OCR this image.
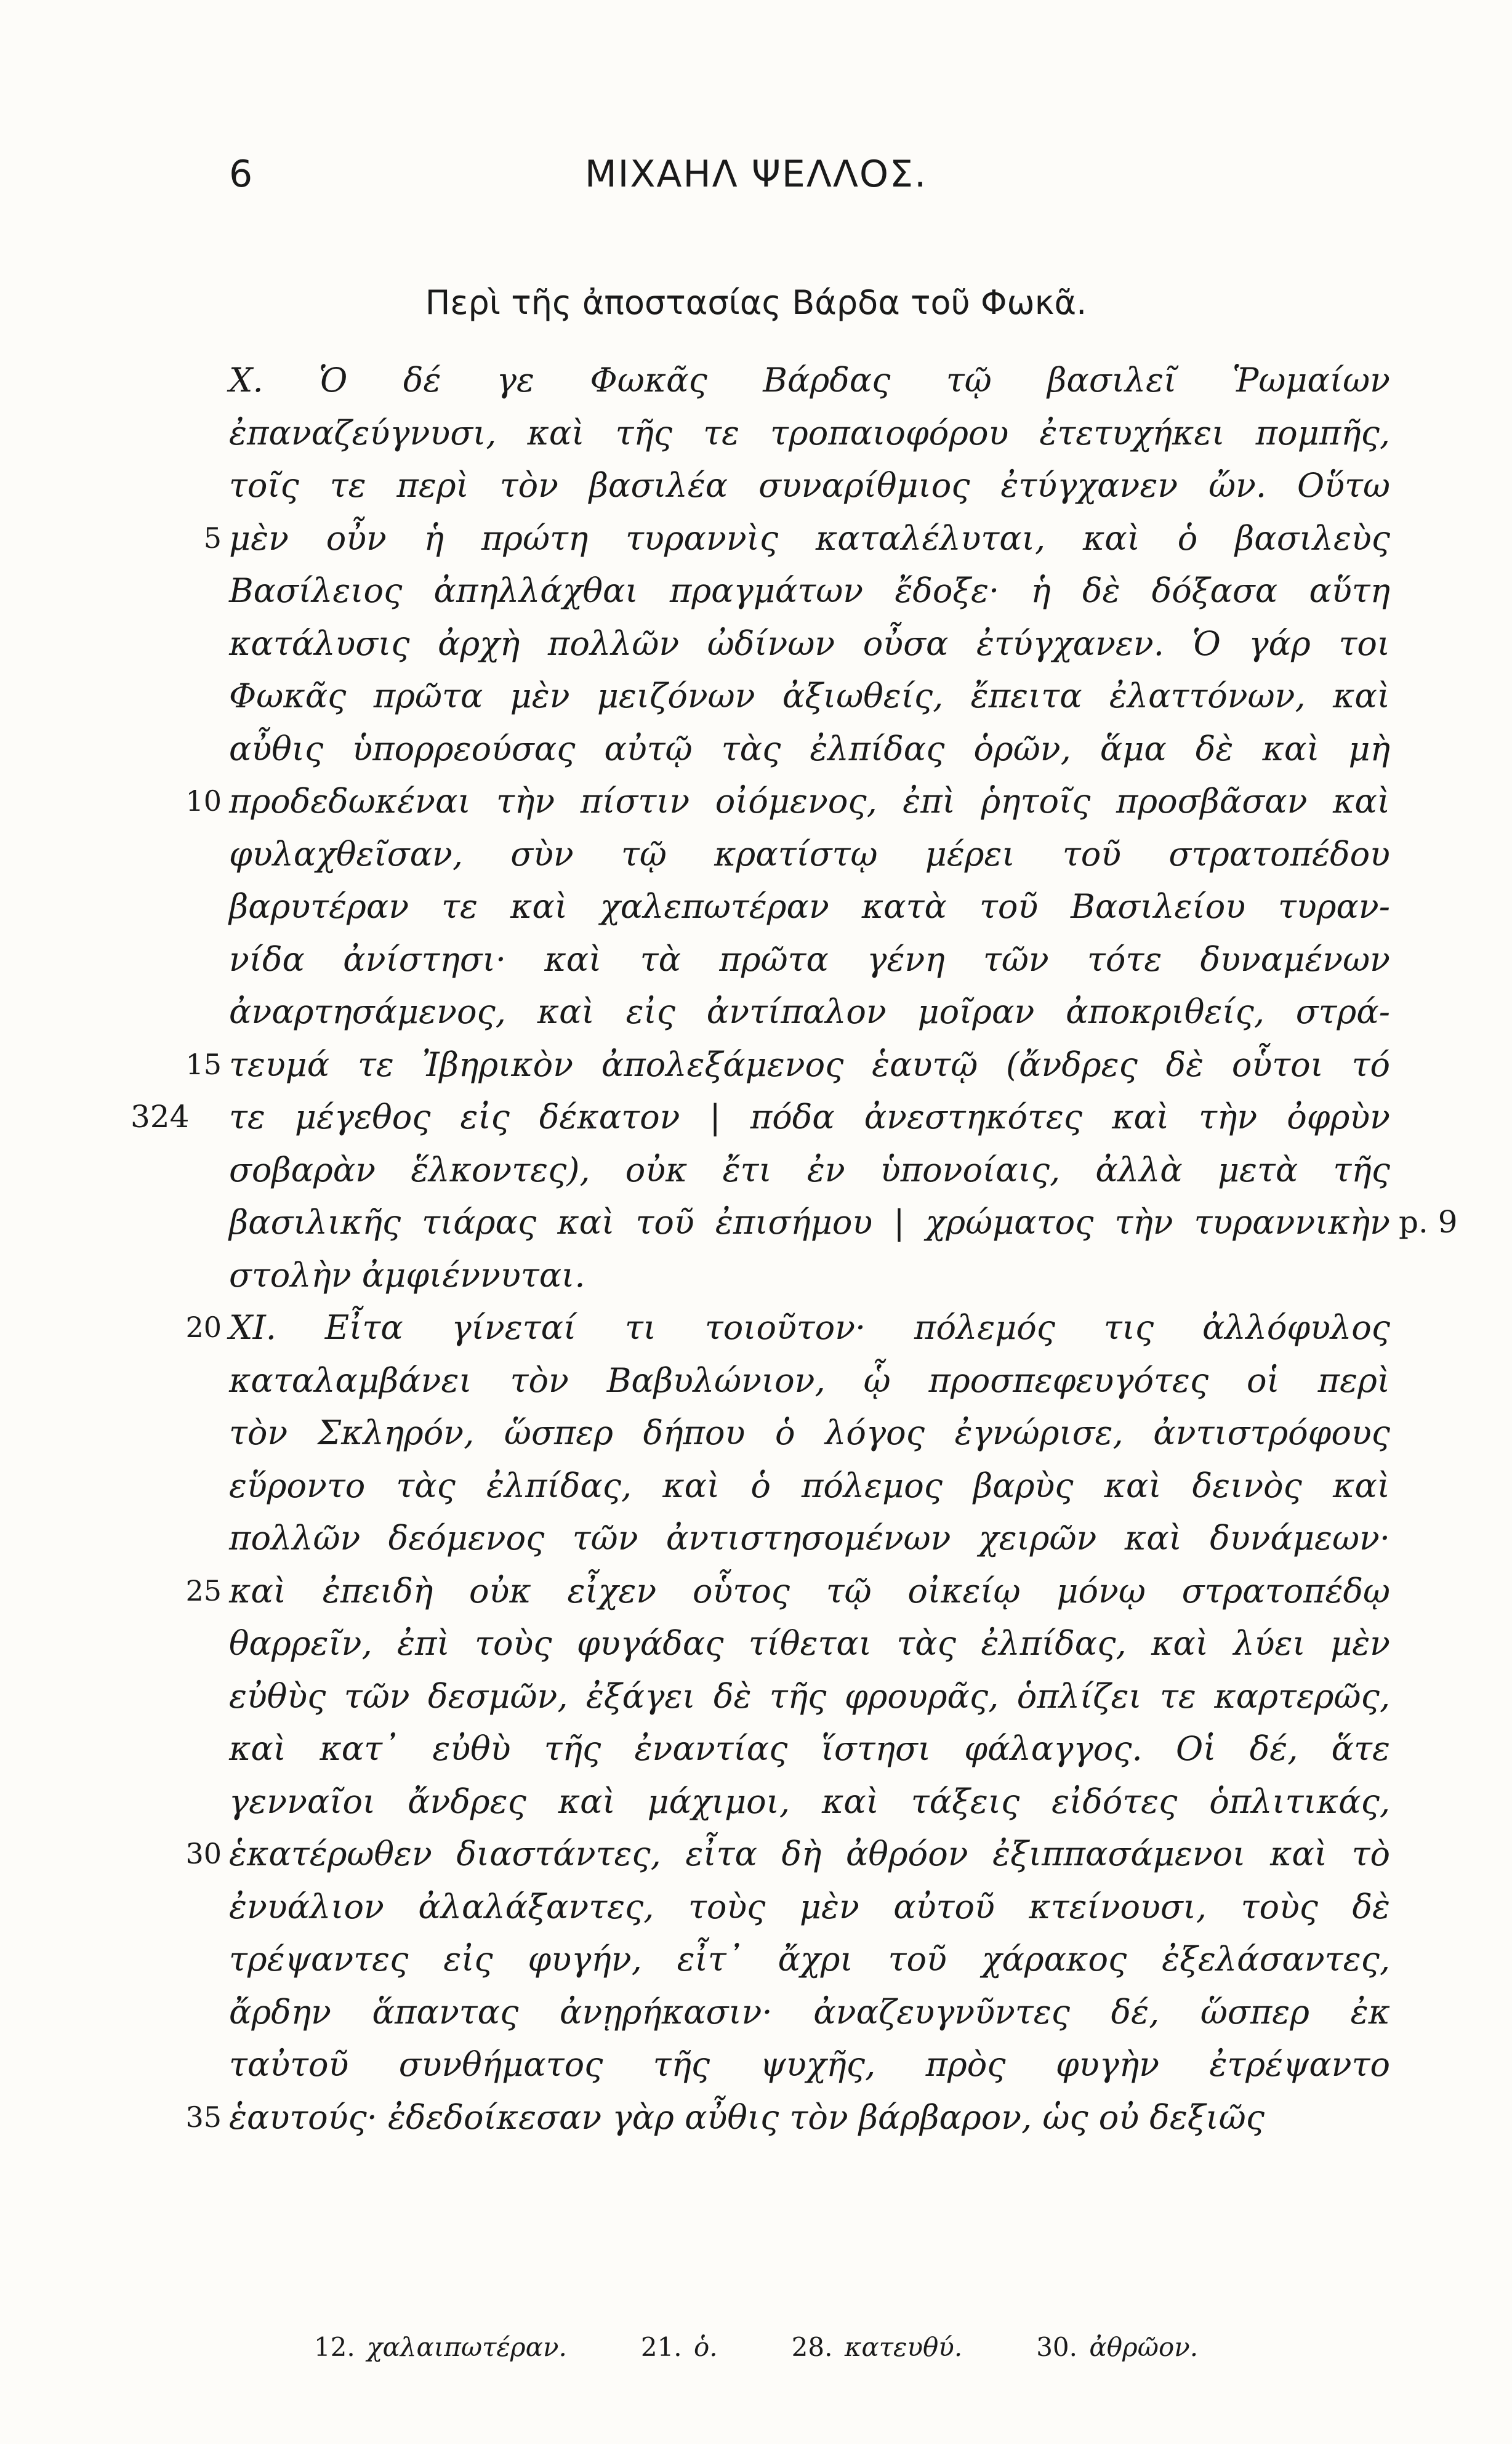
6	ΜΙΧΑΗΛ ΨΕΛΛΟΣ.
Περὶ τῆς ἀποστασίας Βάρδα τοῦ Φωκᾶ.
X. Ὁ δέ γε Φωκᾶς Βάρδας τῷ βασιλεῖ Ῥωμαίων
ἐπαναζεύγνυσι, καὶ τῆς τε τροπαιοφόρου ἐτετυχήκει πομπῆς,
τοῖς τε περὶ τὸν βασιλέα συναρίθμιος ἐτύγχανεν ὤν. Οὕτω
μὲν οὖν ἡ πρώτη τυραννὶς καταλέλυται, καὶ ὁ βασιλεὺς
5
Βασίλειος ἀπηλλάχθαι πραγμάτων ἔδοξε· ἡ δὲ δόξασα αὕτη
κατάλυσις ἀρχὴ πολλῶν ὠδίνων οὖσα ἐτύγχανεν. Ὁ γάρ τοι
Φωκᾶς πρῶτα μὲν μειζόνων ἀξιωθείς, ἔπειτα ἐλαττόνων, καὶ
αὖθις ὑπορρεούσας αὐτῷ τὰς ἐλπίδας ὁρῶν, ἅμα δὲ καὶ μὴ
προδεδωκέναι τὴν πίστιν οἰόμενος, ἐπὶ ῥητοῖς προσβᾶσαν καὶ
10
φυλαχθεῖσαν, σὺν τῷ κρατίστῳ μέρει τοῦ στρατοπέδου
βαρυτέραν τε καὶ χαλεπωτέραν κατὰ τοῦ Βασιλείου τυραν-
νίδα ἀνίστησι· καὶ τὰ πρῶτα γένη τῶν τότε δυναμένων
ἀναρτησάμενος, καὶ εἰς ἀντίπαλον μοῖραν ἀποκριθείς, στρά-
τευμά τε Ἰβηρικὸν ἀπολεξάμενος ἑαυτῷ (ἄνδρες δὲ οὗτοι τό
15
τε μέγεθος εἰς δέκατον | πόδα ἀνεστηκότες καὶ τὴν ὀφρὺν
324
σοβαρὰν ἕλκοντες), οὐκ ἔτι ἐν ὑπονοίαις, ἀλλὰ μετὰ τῆς
βασιλικῆς τιάρας καὶ τοῦ ἐπισήμου | χρώματος τὴν τυραννικὴν p. 9
στολὴν ἀμφιέννυται.
XI. Εἶτα γίνεταί τι τοιοῦτον· πόλεμός τις ἀλλόφυλος
20
καταλαμβάνει τὸν Βαβυλώνιον, ᾧ προσπεφευγότες οἱ περὶ
τὸν Σκληρόν, ὥσπερ δήπου ὁ λόγος ἐγνώρισε, ἀντιστρόφους
εὕροντο τὰς ἐλπίδας, καὶ ὁ πόλεμος βαρὺς καὶ δεινὸς καὶ
πολλῶν δεόμενος τῶν ἀντιστησομένων χειρῶν καὶ δυνάμεων·
καὶ ἐπειδὴ οὐκ εἶχεν οὗτος τῷ οἰκείῳ μόνῳ στρατοπέδῳ
25
θαρρεῖν, ἐπὶ τοὺς φυγάδας τίθεται τὰς ἐλπίδας, καὶ λύει μὲν
εὐθὺς τῶν δεσμῶν, ἐξάγει δὲ τῆς φρουρᾶς, ὁπλίζει τε καρτερῶς,
καὶ κατ᾽ εὐθὺ τῆς ἐναντίας ἵστησι φάλαγγος. Οἱ δέ, ἅτε
γενναῖοι ἄνδρες καὶ μάχιμοι, καὶ τάξεις εἰδότες ὁπλιτικάς,
ἑκατέρωθεν διαστάντες, εἶτα δὴ ἀθρόον ἐξιππασάμενοι καὶ τὸ
30
ἐνυάλιον ἀλαλάξαντες, τοὺς μὲν αὐτοῦ κτείνουσι, τοὺς δὲ
τρέψαντες εἰς φυγήν, εἶτ᾽ ἄχρι τοῦ χάρακος ἐξελάσαντες,
ἄρδην ἅπαντας ἀνῃρήκασιν· ἀναζευγνῦντες δέ, ὥσπερ ἐκ
ταὐτοῦ συνθήματος τῆς ψυχῆς, πρὸς φυγὴν ἐτρέψαντο
ἑαυτούς· ἐδεδοίκεσαν γὰρ αὖθις τὸν βάρβαρον, ὡς οὐ δεξιῶς
35
12. χαλαιπωτέραν.	21. ὁ.	28. κατευθύ.	30. ἀθρῶον.
